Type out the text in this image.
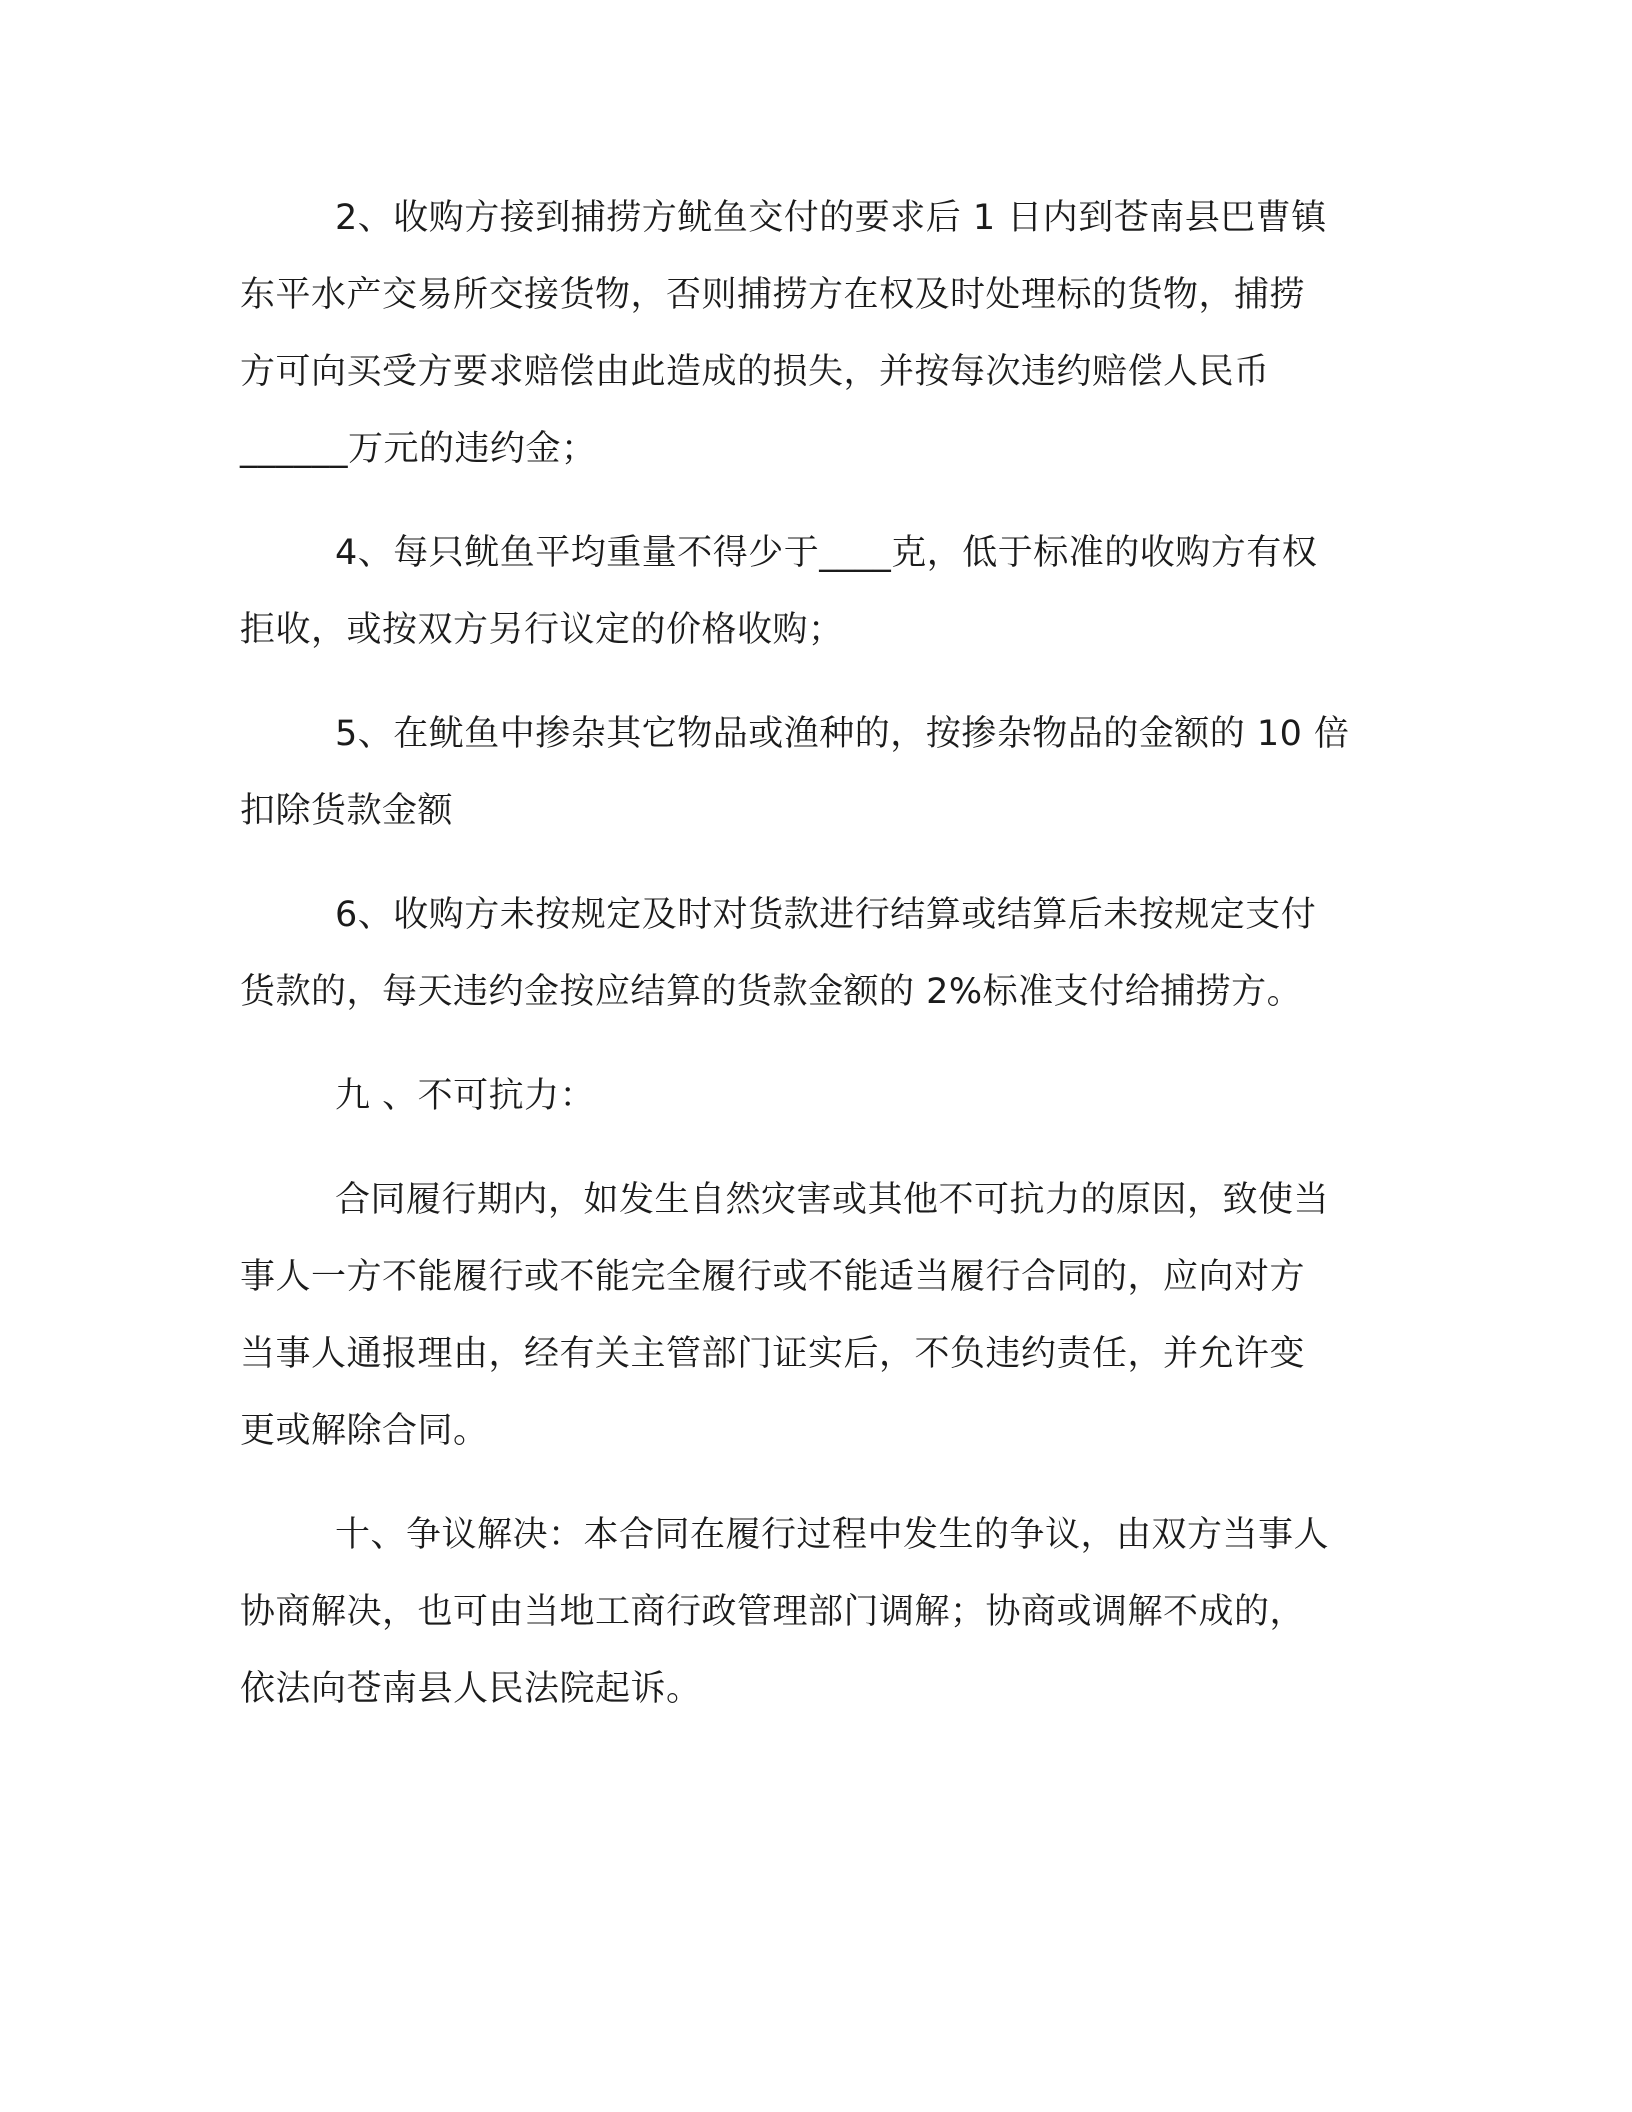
2、收购方接到捕捞方鱿鱼交付的要求后 1 日内到苍南县巴曹镇
东平水产交易所交接货物，否则捕捞方在权及时处理标的货物，捕捞
方可向买受方要求赔偿由此造成的损失，并按每次违约赔偿人民币
______万元的违约金；

4、每只鱿鱼平均重量不得少于____克，低于标准的收购方有权
拒收，或按双方另行议定的价格收购；

5、在鱿鱼中掺杂其它物品或渔种的，按掺杂物品的金额的 10 倍
扣除货款金额

6、收购方未按规定及时对货款进行结算或结算后未按规定支付
货款的，每天违约金按应结算的货款金额的 2%标准支付给捕捞方。

九 、不可抗力：

合同履行期内，如发生自然灾害或其他不可抗力的原因，致使当
事人一方不能履行或不能完全履行或不能适当履行合同的，应向对方
当事人通报理由，经有关主管部门证实后，不负违约责任，并允许变
更或解除合同。

十、争议解决：本合同在履行过程中发生的争议，由双方当事人
协商解决，也可由当地工商行政管理部门调解；协商或调解不成的，
依法向苍南县人民法院起诉。
